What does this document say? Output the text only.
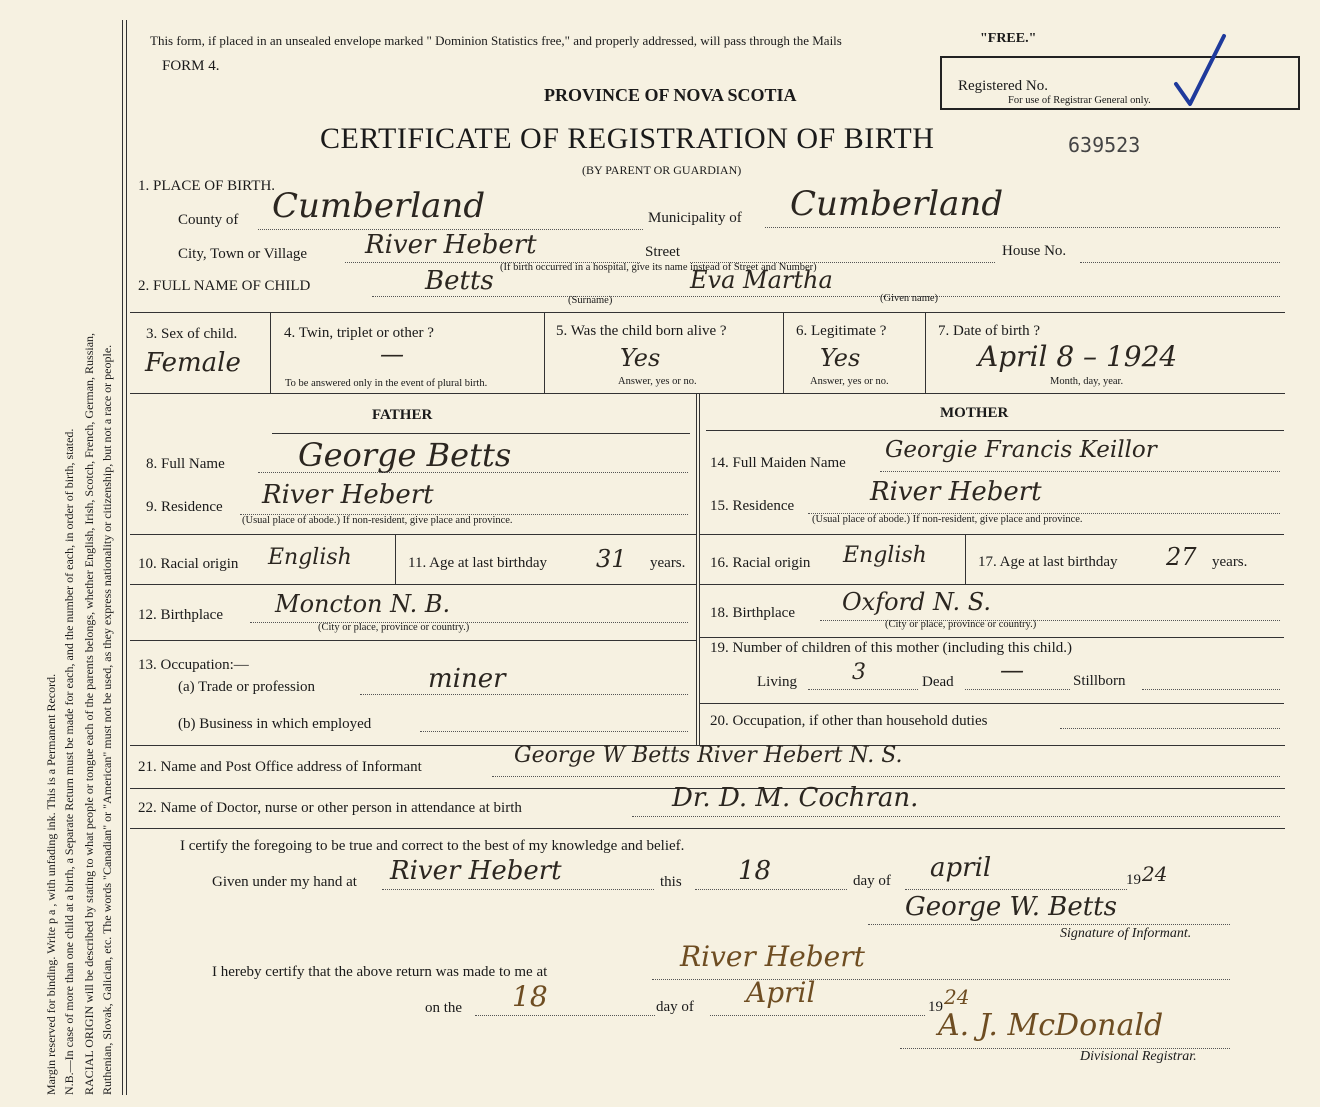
Margin reserved for binding. Write p a , with unfading ink. This is a Permanent Record. N.B.—In case of more than one child at a birth, a Separate Return must be made for each, and the number of each, in order of birth, stated. RACIAL ORIGIN will be described by stating to what people or tongue each of the parents belongs, whether English, Irish, Scotch, French, German, Russian, Ruthenian, Slovak, Galician, etc. The words "Canadian" or "American" must not be used, as they express nationality or citizenship, but not a race or people.
This form, if placed in an unsealed envelope marked " Dominion Statistics free," and properly addressed, will pass through the Mails	"FREE."
FORM 4.
PROVINCE OF NOVA SCOTIA
CERTIFICATE OF REGISTRATION OF BIRTH
(BY PARENT OR GUARDIAN)
639523
Registered No.
For use of Registrar General only.
1. PLACE OF BIRTH.
County of Cumberland	Municipality of Cumberland
City, Town or Village River Hebert	Street	House No.
(If birth occurred in a hospital, give its name instead of Street and Number)
2. FULL NAME OF CHILD	Betts	Eva Martha
(Surname)	(Given name)
3. Sex of child.
Female
4. Twin, triplet or other ?
—
To be answered only in the event of plural birth.
5. Was the child born alive ?
Yes
Answer, yes or no.
6. Legitimate ?
Yes
Answer, yes or no.
7. Date of birth ?
April 8 – 1924
Month, day, year.
FATHER	MOTHER
8. Full Name George Betts
9. Residence River Hebert
(Usual place of abode.) If non-resident, give place and province.
10. Racial origin English	11. Age at last birthday 31 years.
12. Birthplace Moncton N. B.
(City or place, province or country.)
13. Occupation:—
(a) Trade or profession	miner
(b) Business in which employed
14. Full Maiden Name Georgie Francis Keillor
15. Residence	River Hebert
(Usual place of abode.) If non-resident, give place and province.
16. Racial origin English	17. Age at last birthday 27 years.
18. Birthplace Oxford N. S.
(City or place, province or country.)
19. Number of children of this mother (including this child.)
Living	3	Dead —	Stillborn
20. Occupation, if other than household duties
21. Name and Post Office address of Informant	George W Betts River Hebert N. S.
22. Name of Doctor, nurse or other person in attendance at birth	Dr. D. M. Cochran.
I certify the foregoing to be true and correct to the best of my knowledge and belief.
Given under my hand at River Hebert	this 18	day of april	19 24
George W. Betts
Signature of Informant.
I hereby certify that the above return was made to me at	River Hebert
on the 18	day of April	19 24
A. J. McDonald
Divisional Registrar.
